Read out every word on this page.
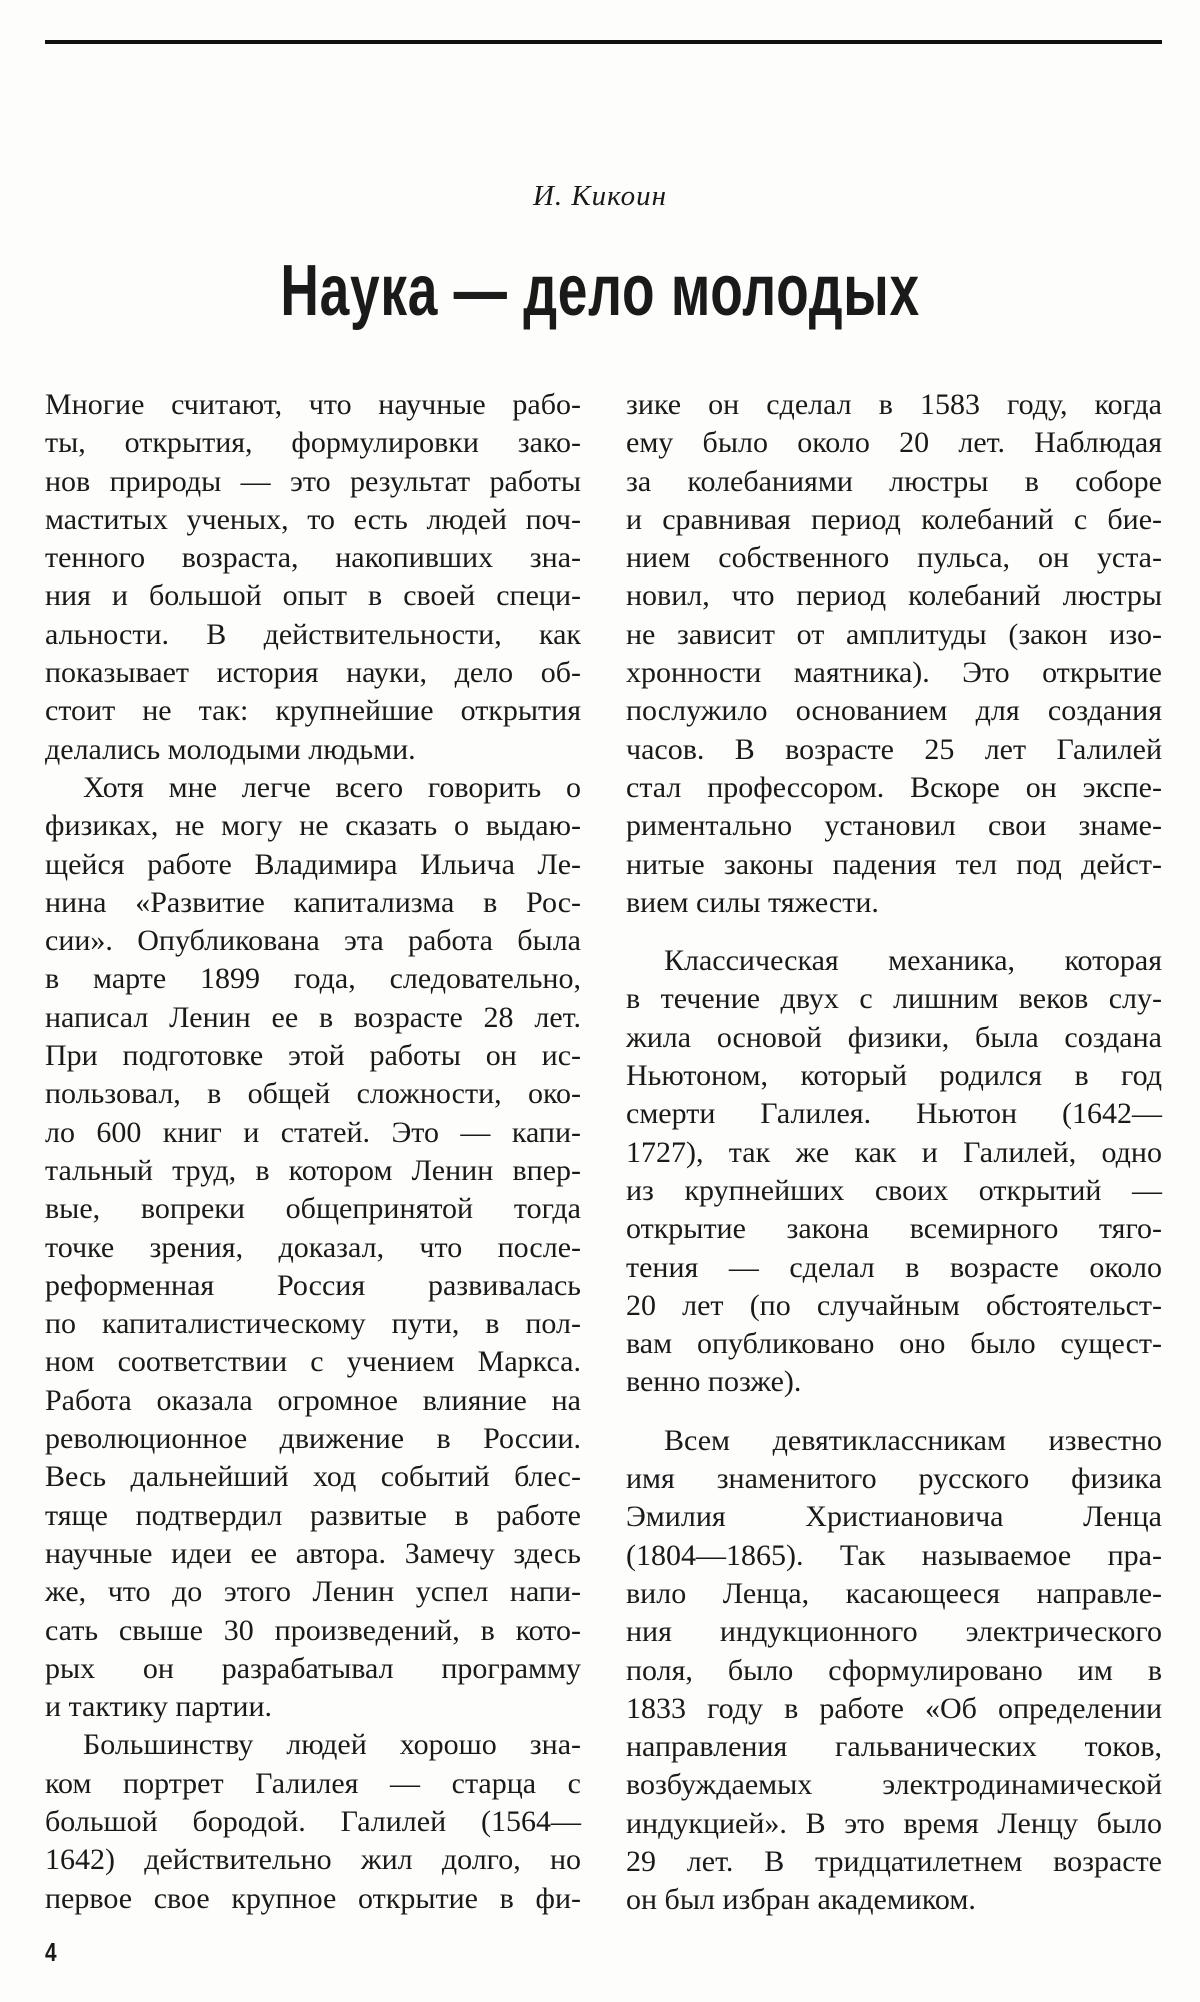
И. Кикоин
Наука — дело молодых
Многие считают, что научные рабо-
ты, открытия, формулировки зако-
нов природы — это результат работы
маститых ученых, то есть людей поч-
тенного возраста, накопивших зна-
ния и большой опыт в своей специ-
альности. В действительности, как
показывает история науки, дело об-
стоит не так: крупнейшие открытия
делались молодыми людьми.
Хотя мне легче всего говорить о
физиках, не могу не сказать о выдаю-
щейся работе Владимира Ильича Ле-
нина «Развитие капитализма в Рос-
сии». Опубликована эта работа была
в марте 1899 года, следовательно,
написал Ленин ее в возрасте 28 лет.
При подготовке этой работы он ис-
пользовал, в общей сложности, око-
ло 600 книг и статей. Это — капи-
тальный труд, в котором Ленин впер-
вые, вопреки общепринятой тогда
точке зрения, доказал, что после-
реформенная Россия развивалась
по капиталистическому пути, в пол-
ном соответствии с учением Маркса.
Работа оказала огромное влияние на
революционное движение в России.
Весь дальнейший ход событий блес-
тяще подтвердил развитые в работе
научные идеи ее автора. Замечу здесь
же, что до этого Ленин успел напи-
сать свыше 30 произведений, в кото-
рых он разрабатывал программу
и тактику партии.
Большинству людей хорошо зна-
ком портрет Галилея — старца с
большой бородой. Галилей (1564—
1642) действительно жил долго, но
первое свое крупное открытие в фи-
зике он сделал в 1583 году, когда
ему было около 20 лет. Наблюдая
за колебаниями люстры в соборе
и сравнивая период колебаний с бие-
нием собственного пульса, он уста-
новил, что период колебаний люстры
не зависит от амплитуды (закон изо-
хронности маятника). Это открытие
послужило основанием для создания
часов. В возрасте 25 лет Галилей
стал профессором. Вскоре он экспе-
риментально установил свои знаме-
нитые законы падения тел под дейст-
вием силы тяжести.
Классическая механика, которая
в течение двух с лишним веков слу-
жила основой физики, была создана
Ньютоном, который родился в год
смерти Галилея. Ньютон (1642—
1727), так же как и Галилей, одно
из крупнейших своих открытий —
открытие закона всемирного тяго-
тения — сделал в возрасте около
20 лет (по случайным обстоятельст-
вам опубликовано оно было сущест-
венно позже).
Всем девятиклассникам известно
имя знаменитого русского физика
Эмилия Христиановича Ленца
(1804—1865). Так называемое пра-
вило Ленца, касающееся направле-
ния индукционного электрического
поля, было сформулировано им в
1833 году в работе «Об определении
направления гальванических токов,
возбуждаемых электродинамической
индукцией». В это время Ленцу было
29 лет. В тридцатилетнем возрасте
он был избран академиком.
4
